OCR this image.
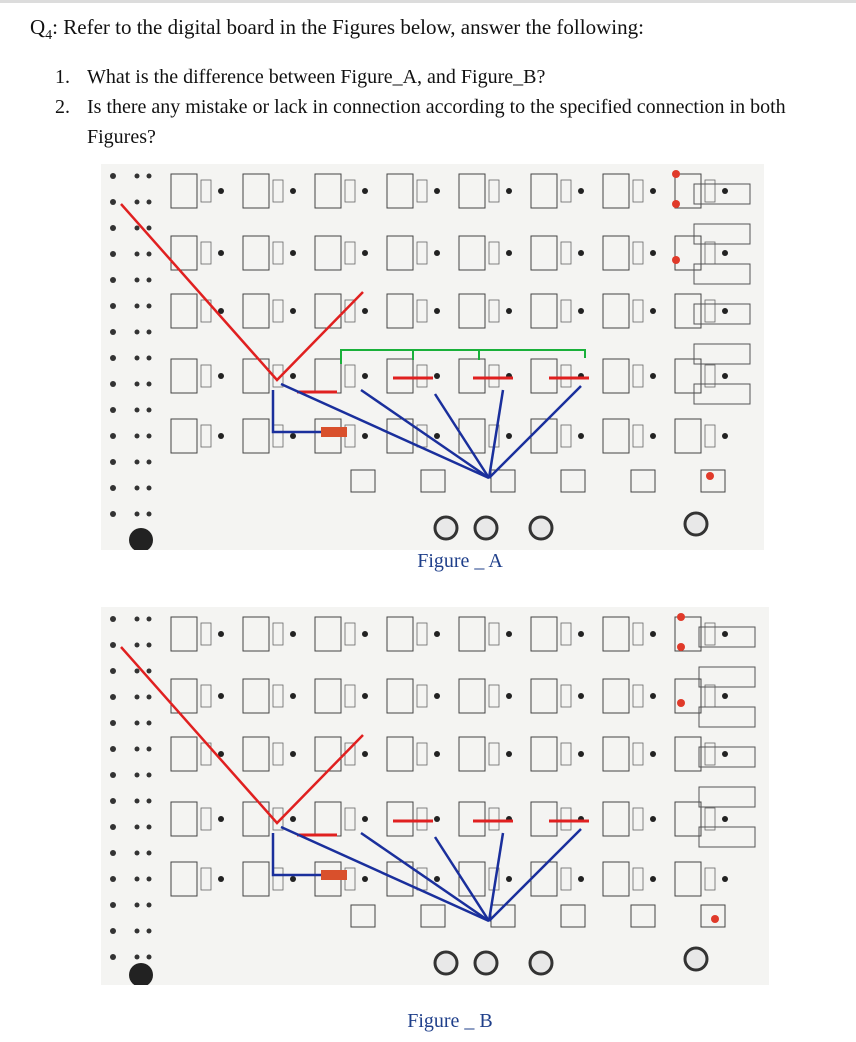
$Q_4$: Refer to the digital board in the Figures below, answer the following:
1. What is the difference between Figure_A, and Figure_B?
2. Is there any mistake or lack in connection according to the specified connection in both Figures?
Figure _ A
Figure _ B
